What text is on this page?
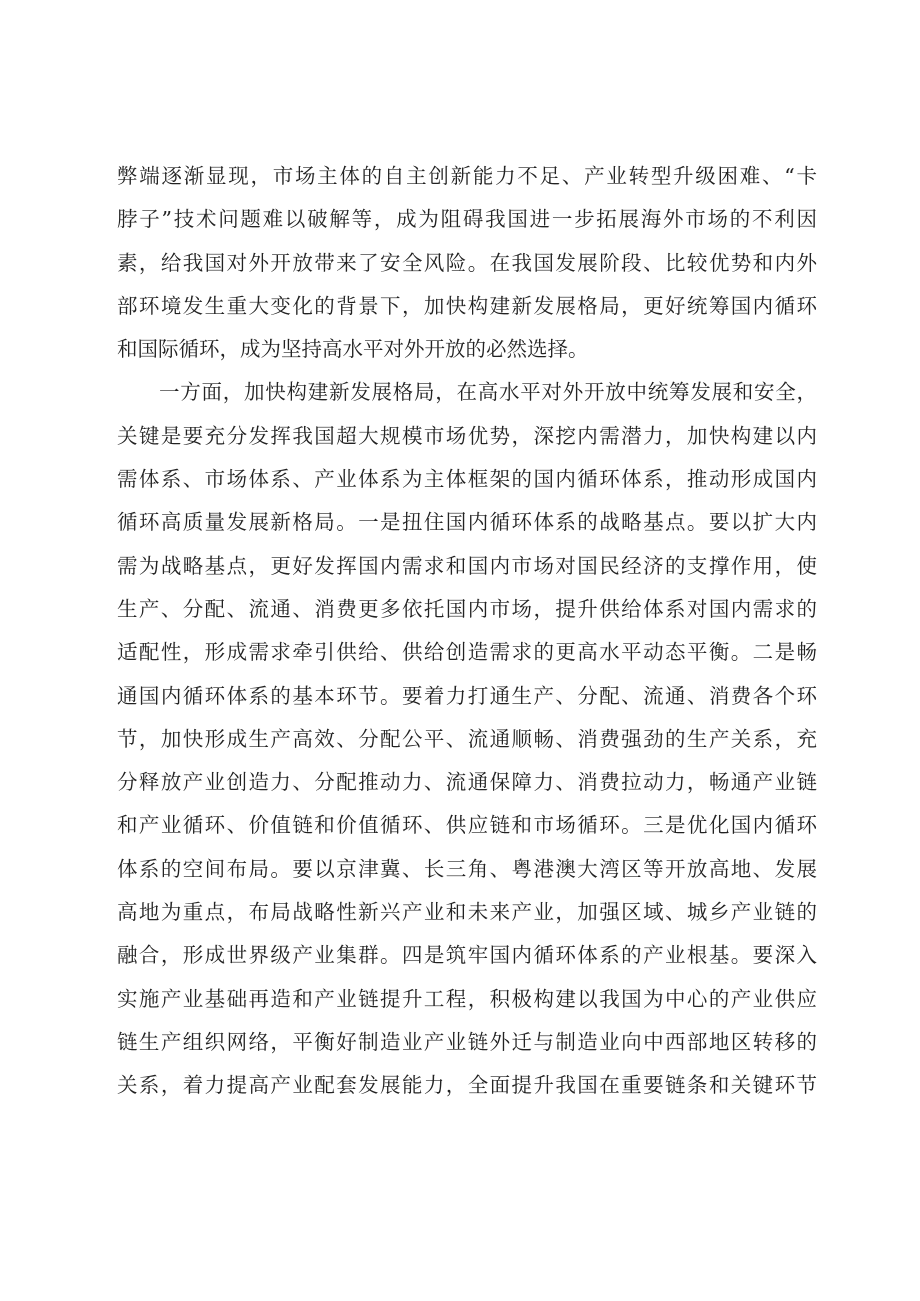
弊端逐渐显现，市场主体的自主创新能力不足、产业转型升级困难、“卡
脖子”技术问题难以破解等，成为阻碍我国进一步拓展海外市场的不利因
素，给我国对外开放带来了安全风险。在我国发展阶段、比较优势和内外
部环境发生重大变化的背景下，加快构建新发展格局，更好统筹国内循环
和国际循环，成为坚持高水平对外开放的必然选择。
一方面，加快构建新发展格局，在高水平对外开放中统筹发展和安全，
关键是要充分发挥我国超大规模市场优势，深挖内需潜力，加快构建以内
需体系、市场体系、产业体系为主体框架的国内循环体系，推动形成国内
循环高质量发展新格局。一是扭住国内循环体系的战略基点。要以扩大内
需为战略基点，更好发挥国内需求和国内市场对国民经济的支撑作用，使
生产、分配、流通、消费更多依托国内市场，提升供给体系对国内需求的
适配性，形成需求牵引供给、供给创造需求的更高水平动态平衡。二是畅
通国内循环体系的基本环节。要着力打通生产、分配、流通、消费各个环
节，加快形成生产高效、分配公平、流通顺畅、消费强劲的生产关系，充
分释放产业创造力、分配推动力、流通保障力、消费拉动力，畅通产业链
和产业循环、价值链和价值循环、供应链和市场循环。三是优化国内循环
体系的空间布局。要以京津冀、长三角、粤港澳大湾区等开放高地、发展
高地为重点，布局战略性新兴产业和未来产业，加强区域、城乡产业链的
融合，形成世界级产业集群。四是筑牢国内循环体系的产业根基。要深入
实施产业基础再造和产业链提升工程，积极构建以我国为中心的产业供应
链生产组织网络，平衡好制造业产业链外迁与制造业向中西部地区转移的
关系，着力提高产业配套发展能力，全面提升我国在重要链条和关键环节
